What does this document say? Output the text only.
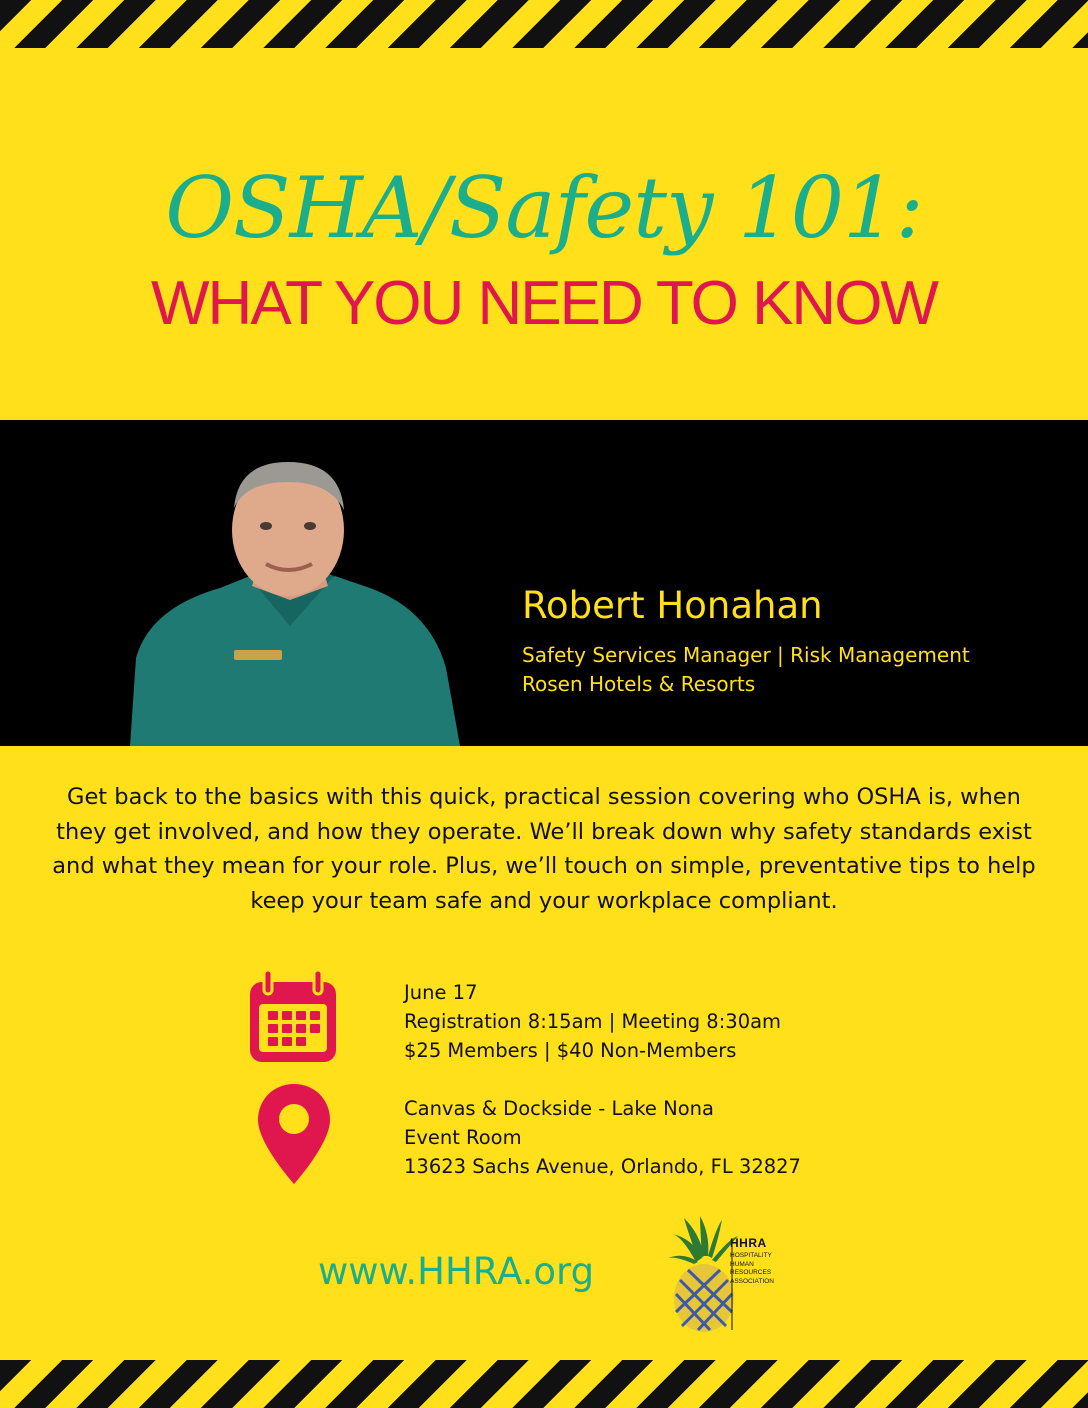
OSHA/Safety 101:
WHAT YOU NEED TO KNOW
Robert Honahan
Safety Services Manager | Risk Management
Rosen Hotels & Resorts

Get back to the basics with this quick, practical session covering who OSHA is, when they get involved, and how they operate. We’ll break down why safety standards exist and what they mean for your role. Plus, we’ll touch on simple, preventative tips to help keep your team safe and your workplace compliant.

June 17
Registration 8:15am | Meeting 8:30am
$25 Members | $40 Non-Members
Canvas & Dockside - Lake Nona
Event Room
13623 Sachs Avenue, Orlando, FL 32827
www.HHRA.org
HHRA
HOSPITALITY
HUMAN
RESOURCES
ASSOCIATION
